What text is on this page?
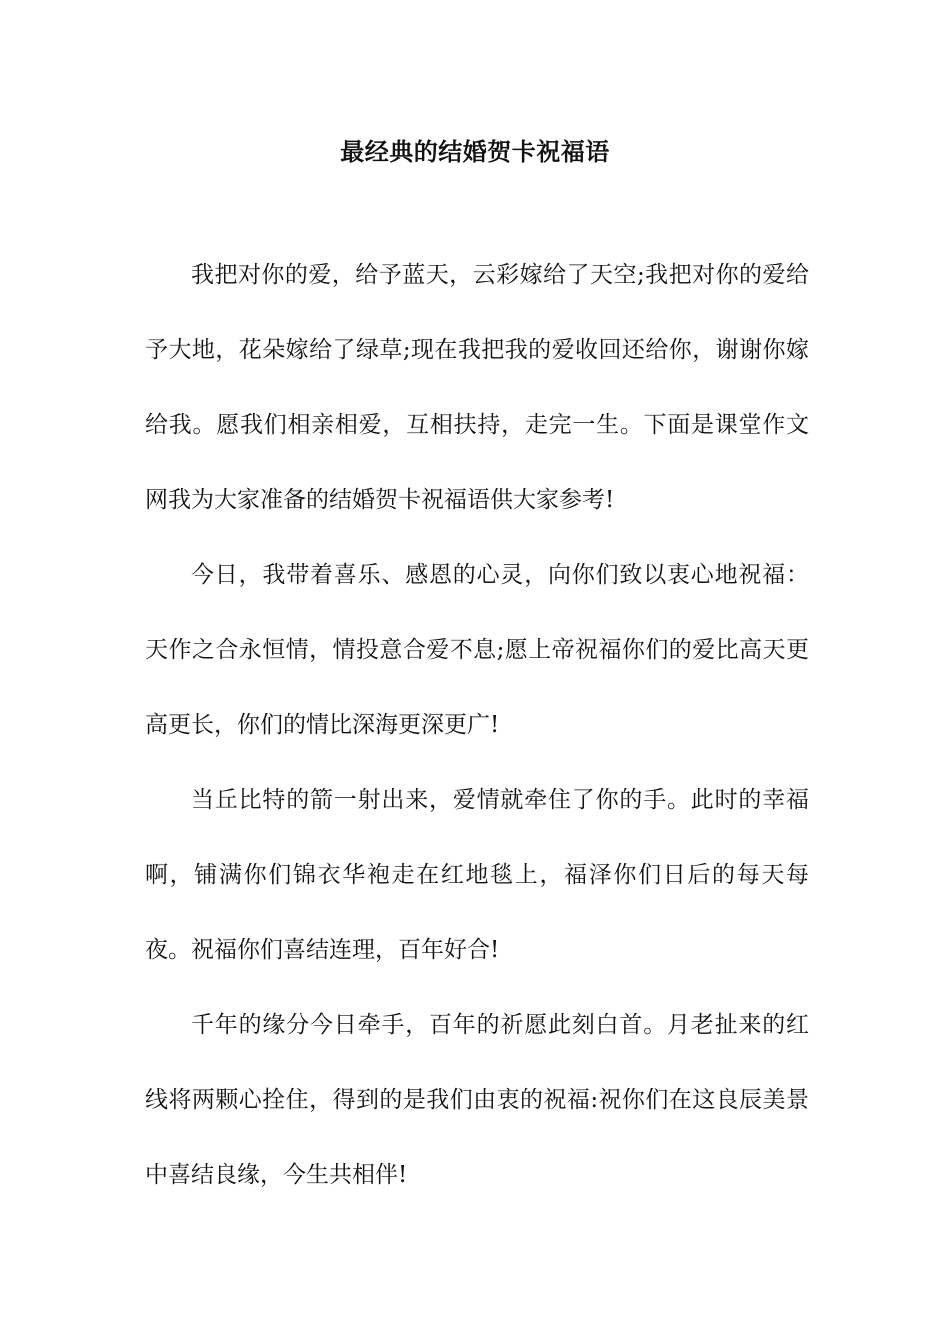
最经典的结婚贺卡祝福语

我把对你的爱，给予蓝天，云彩嫁给了天空;我把对你的爱给予大地，花朵嫁给了绿草;现在我把我的爱收回还给你，谢谢你嫁给我。愿我们相亲相爱，互相扶持，走完一生。下面是课堂作文网我为大家准备的结婚贺卡祝福语供大家参考!

今日，我带着喜乐、感恩的心灵，向你们致以衷心地祝福：天作之合永恒情，情投意合爱不息;愿上帝祝福你们的爱比高天更高更长，你们的情比深海更深更广!

当丘比特的箭一射出来，爱情就牵住了你的手。此时的幸福啊，铺满你们锦衣华袍走在红地毯上，福泽你们日后的每天每夜。祝福你们喜结连理，百年好合!

千年的缘分今日牵手，百年的祈愿此刻白首。月老扯来的红线将两颗心拴住，得到的是我们由衷的祝福:祝你们在这良辰美景中喜结良缘，今生共相伴!
